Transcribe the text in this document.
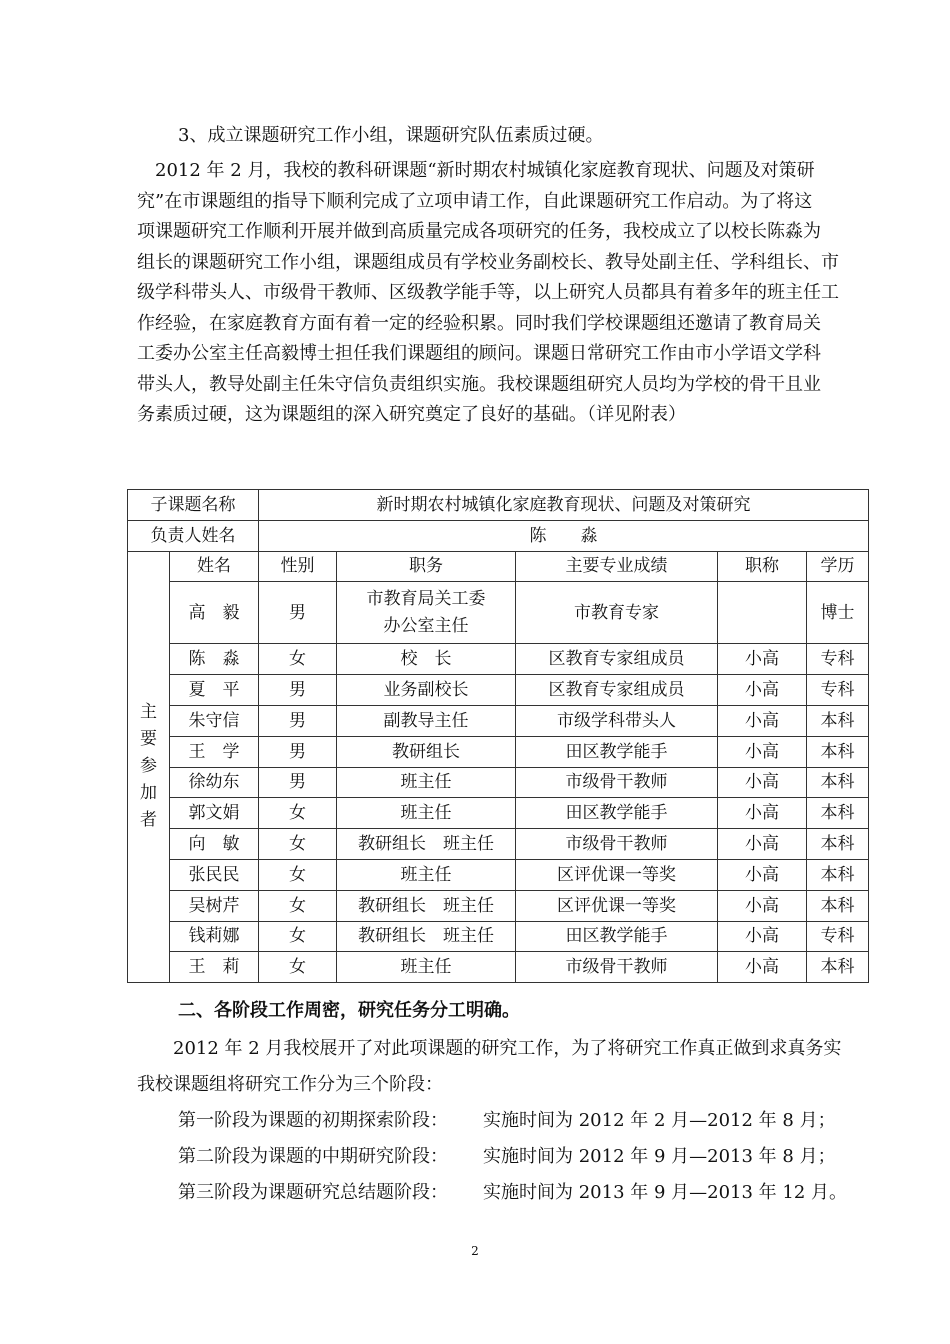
3、成立课题研究工作小组，课题研究队伍素质过硬。
　2012 年 2 月，我校的教科研课题“新时期农村城镇化家庭教育现状、问题及对策研
究”在市课题组的指导下顺利完成了立项申请工作，自此课题研究工作启动。为了将这
项课题研究工作顺利开展并做到高质量完成各项研究的任务，我校成立了以校长陈淼为
组长的课题研究工作小组，课题组成员有学校业务副校长、教导处副主任、学科组长、市
级学科带头人、市级骨干教师、区级教学能手等，以上研究人员都具有着多年的班主任工
作经验，在家庭教育方面有着一定的经验积累。同时我们学校课题组还邀请了教育局关
工委办公室主任高毅博士担任我们课题组的顾问。课题日常研究工作由市小学语文学科
带头人，教导处副主任朱守信负责组织实施。我校课题组研究人员均为学校的骨干且业
务素质过硬，这为课题组的深入研究奠定了良好的基础。（详见附表）
子课题名称		新时期农村城镇化家庭教育现状、问题及对策研究				
负责人姓名		陈　　淼				
主要参加者	姓名	性别	职务	主要专业成绩	职称	学历
	高　毅	男	市教育局关工委办公室主任	市教育专家		博士
	陈　淼	女	校　长	区教育专家组成员	小高	专科
	夏　平	男	业务副校长	区教育专家组成员	小高	专科
	朱守信	男	副教导主任	市级学科带头人	小高	本科
	王　学	男	教研组长	田区教学能手	小高	本科
	徐幼东	男	班主任	市级骨干教师	小高	本科
	郭文娟	女	班主任	田区教学能手	小高	本科
	向　敏	女	教研组长　班主任	市级骨干教师	小高	本科
	张民民	女	班主任	区评优课一等奖	小高	本科
	吴树芹	女	教研组长　班主任	区评优课一等奖	小高	本科
	钱莉娜	女	教研组长　班主任	田区教学能手	小高	专科
	王　莉	女	班主任	市级骨干教师	小高	本科
二、各阶段工作周密，研究任务分工明确。
　　2012 年 2 月我校展开了对此项课题的研究工作，为了将研究工作真正做到求真务实
我校课题组将研究工作分为三个阶段：
第一阶段为课题的初期探索阶段： 实施时间为 2012 年 2 月—2012 年 8 月；
第二阶段为课题的中期研究阶段： 实施时间为 2012 年 9 月—2013 年 8 月；
第三阶段为课题研究总结题阶段： 实施时间为 2013 年 9 月—2013 年 12 月。
2
